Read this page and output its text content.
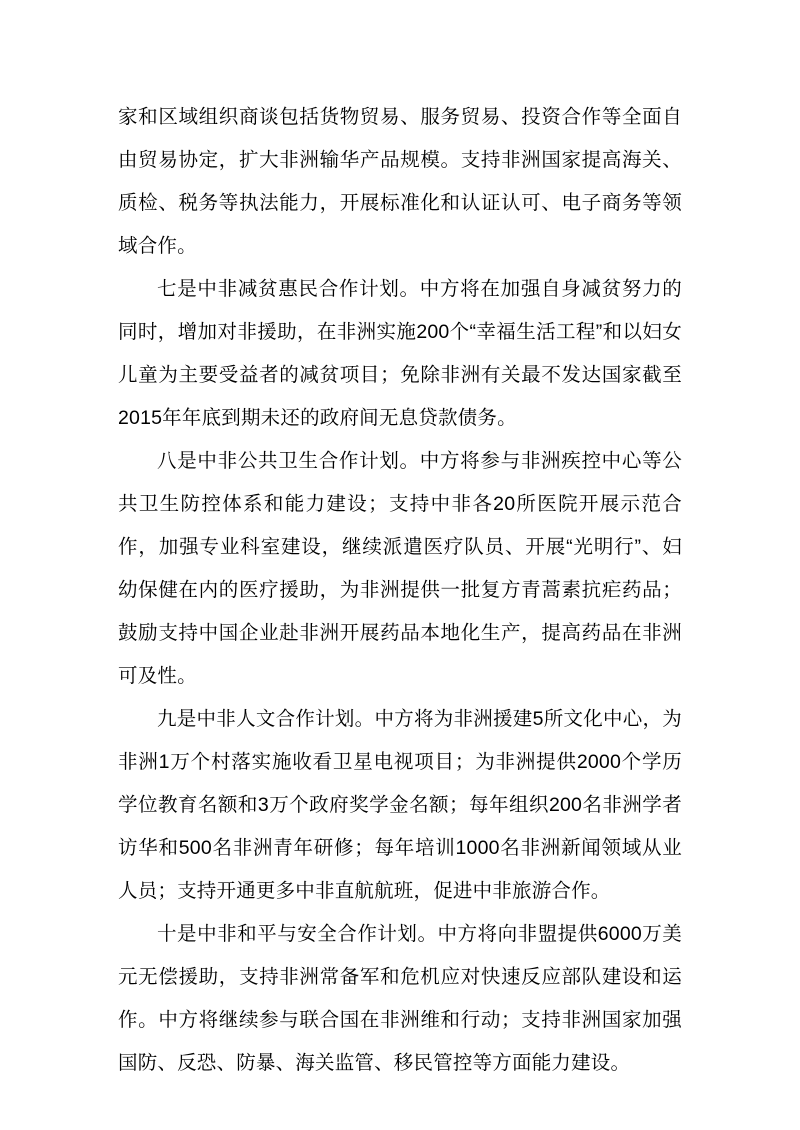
家和区域组织商谈包括货物贸易、服务贸易、投资合作等全面自由贸易协定，扩大非洲输华产品规模。支持非洲国家提高海关、质检、税务等执法能力，开展标准化和认证认可、电子商务等领域合作。

七是中非减贫惠民合作计划。中方将在加强自身减贫努力的同时，增加对非援助，在非洲实施200个“幸福生活工程”和以妇女儿童为主要受益者的减贫项目；免除非洲有关最不发达国家截至2015年年底到期未还的政府间无息贷款债务。

八是中非公共卫生合作计划。中方将参与非洲疾控中心等公共卫生防控体系和能力建设；支持中非各20所医院开展示范合作，加强专业科室建设，继续派遣医疗队员、开展“光明行”、妇幼保健在内的医疗援助，为非洲提供一批复方青蒿素抗疟药品；鼓励支持中国企业赴非洲开展药品本地化生产，提高药品在非洲可及性。

九是中非人文合作计划。中方将为非洲援建5所文化中心，为非洲1万个村落实施收看卫星电视项目；为非洲提供2000个学历学位教育名额和3万个政府奖学金名额；每年组织200名非洲学者访华和500名非洲青年研修；每年培训1000名非洲新闻领域从业人员；支持开通更多中非直航航班，促进中非旅游合作。

十是中非和平与安全合作计划。中方将向非盟提供6000万美元无偿援助，支持非洲常备军和危机应对快速反应部队建设和运作。中方将继续参与联合国在非洲维和行动；支持非洲国家加强国防、反恐、防暴、海关监管、移民管控等方面能力建设。
